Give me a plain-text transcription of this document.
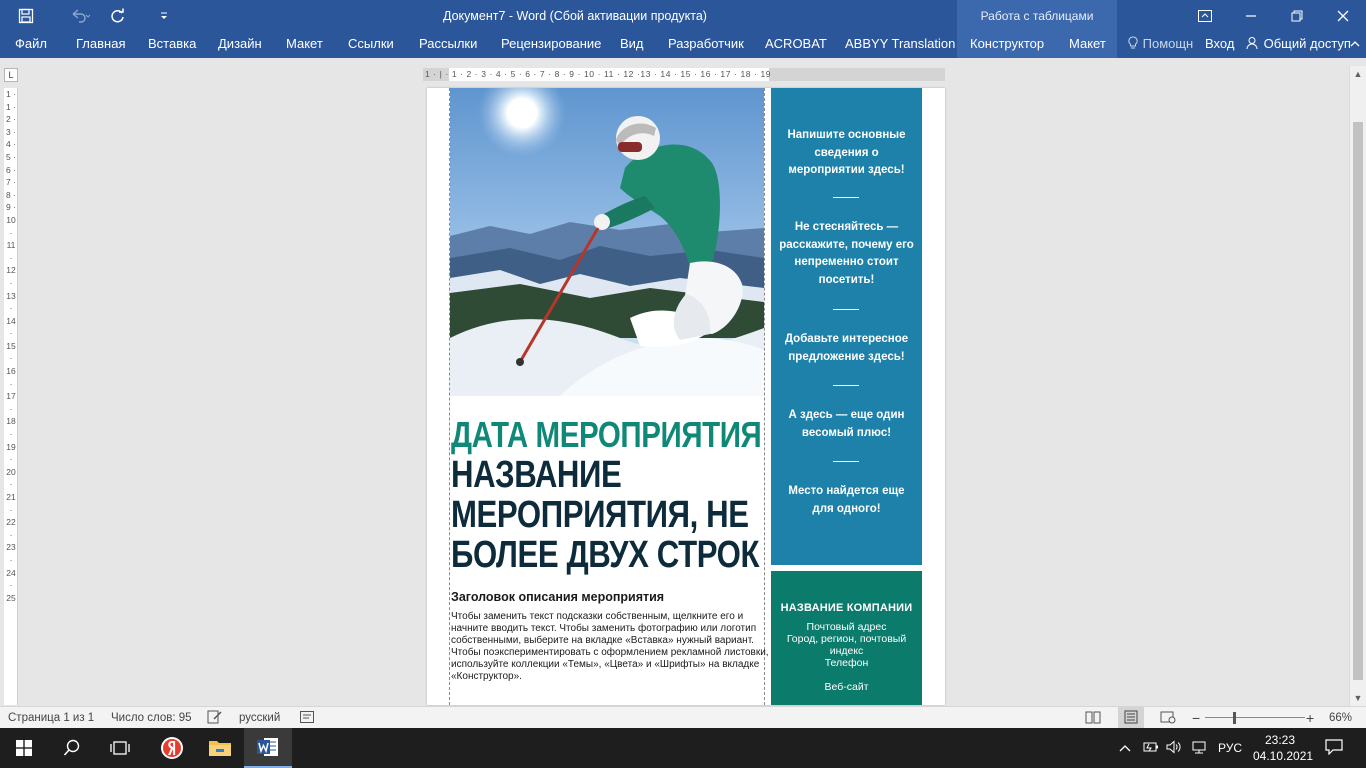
Документ7 - Word (Сбой активации продукта)	Работа с таблицами
Файл Главная Вставка Дизайн Макет Ссылки Рассылки Рецензирование Вид Разработчик ACROBAT ABBYY Translation Конструктор Макет	Помощн Вход	Общий доступ
L	1 · | · 1 · 2 · 3 · 4 · 5 · 6 · 7 · 8 · 9 · 10 · 11 · 12 ·13 · 14 · 15 · 16 · 17 · 18 · 19
1 · 1 · 2 · 3 · 4 · 5 · 6 · 7 · 8 · 9 · 10 · 11 · 12 · 13 · 14 · 15 · 16 · 17 · 18 · 19 · 20 · 21 · 22 · 23 · 24 · 25
ДАТА МЕРОПРИЯТИЯ
НАЗВАНИЕ МЕРОПРИЯТИЯ, НЕ БОЛЕЕ ДВУХ СТРОК
Заголовок описания мероприятия
Чтобы заменить текст подсказки собственным, щелкните его и начните вводить текст. Чтобы заменить фотографию или логотип собственными, выберите на вкладке «Вставка» нужный вариант. Чтобы поэкспериментировать с оформлением рекламной листовки, используйте коллекции «Темы», «Цвета» и «Шрифты» на вкладке «Конструктор».
Напишите основные сведения о мероприятии здесь!
Не стесняйтесь — расскажите, почему его непременно стоит посетить!
Добавьте интересное предложение здесь!
А здесь — еще один весомый плюс!
Место найдется еще для одного!
НАЗВАНИЕ КОМПАНИИ
Почтовый адрес
Город, регион, почтовый индекс
Телефон
Веб-сайт
▲
▼
Страница 1 из 1 Число слов: 95	русский	−	+ 66%
РУС
23:23
04.10.2021
